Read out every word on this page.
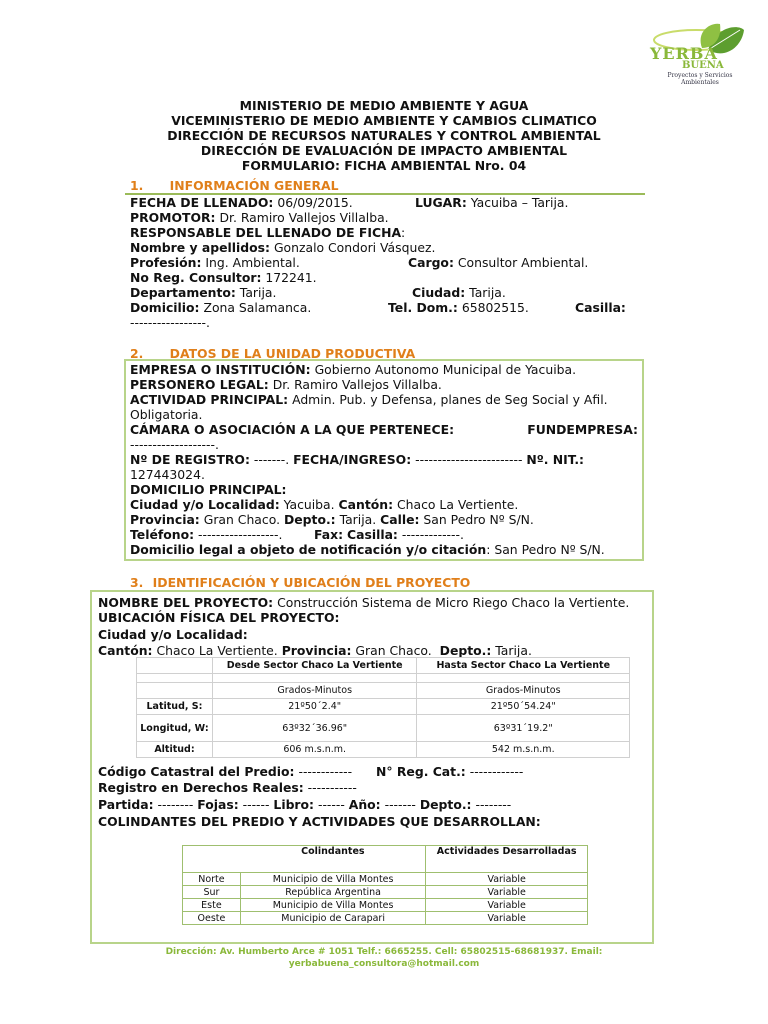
YERBA
BUENA
Proyectos y Servicios Ambientales
MINISTERIO DE MEDIO AMBIENTE Y AGUA
VICEMINISTERIO DE MEDIO AMBIENTE Y CAMBIOS CLIMATICO
DIRECCIÓN DE RECURSOS NATURALES Y CONTROL AMBIENTAL
DIRECCIÓN DE EVALUACIÓN DE IMPACTO AMBIENTAL
FORMULARIO: FICHA AMBIENTAL Nro. 04
1. INFORMACIÓN GENERAL
FECHA DE LLENADO: 06/09/2015.	LUGAR: Yacuiba – Tarija.
PROMOTOR: Dr. Ramiro Vallejos Villalba.
RESPONSABLE DEL LLENADO DE FICHA:
Nombre y apellidos: Gonzalo Condori Vásquez.
Profesión: Ing. Ambiental.	Cargo: Consultor Ambiental.
No Reg. Consultor: 172241.
Departamento: Tarija.	Ciudad: Tarija.
Domicilio: Zona Salamanca.	Tel. Dom.: 65802515.	Casilla:
-----------------.
2. DATOS DE LA UNIDAD PRODUCTIVA
EMPRESA O INSTITUCIÓN: Gobierno Autonomo Municipal de Yacuiba.
PERSONERO LEGAL: Dr. Ramiro Vallejos Villalba.
ACTIVIDAD PRINCIPAL: Admin. Pub. y Defensa, planes de Seg Social y Afil.
Obligatoria.
CÁMARA O ASOCIACIÓN A LA QUE PERTENECE:	FUNDEMPRESA:
-------------------.
Nº DE REGISTRO: -------. FECHA/INGRESO: ------------------------ Nº. NIT.:
127443024.
DOMICILIO PRINCIPAL:
Ciudad y/o Localidad: Yacuiba. Cantón: Chaco La Vertiente.
Provincia: Gran Chaco. Depto.: Tarija. Calle: San Pedro Nº S/N.
Teléfono: ------------------.	Fax: Casilla: -------------.
Domicilio legal a objeto de notificación y/o citación: San Pedro Nº S/N.
3. IDENTIFICACIÓN Y UBICACIÓN DEL PROYECTO
NOMBRE DEL PROYECTO: Construcción Sistema de Micro Riego Chaco la Vertiente.
UBICACIÓN FÍSICA DEL PROYECTO:
Ciudad y/o Localidad:
Cantón: Chaco La Vertiente. Provincia: Gran Chaco. Depto.: Tarija.
	Desde Sector Chaco La Vertiente	Hasta Sector Chaco La Vertiente

	Grados-Minutos	Grados-Minutos
Latitud, S:	21º50´2.4"	21º50´54.24"
Longitud, W:	63º32´36.96"	63º31´19.2"
Altitud:	606 m.s.n.m.	542 m.s.n.m.
Código Catastral del Predio: ------------ N° Reg. Cat.: ------------
Registro en Derechos Reales: -----------
Partida: -------- Fojas: ------ Libro: ------ Año: ------- Depto.: --------
COLINDANTES DEL PREDIO Y ACTIVIDADES QUE DESARROLLAN:
	Colindantes	Actividades Desarrolladas
Norte	Municipio de Villa Montes	Variable
Sur	República Argentina	Variable
Este	Municipio de Villa Montes	Variable
Oeste	Municipio de Carapari	Variable
Dirección: Av. Humberto Arce # 1051 Telf.: 6665255. Cell: 65802515-68681937. Email:
yerbabuena_consultora@hotmail.com
